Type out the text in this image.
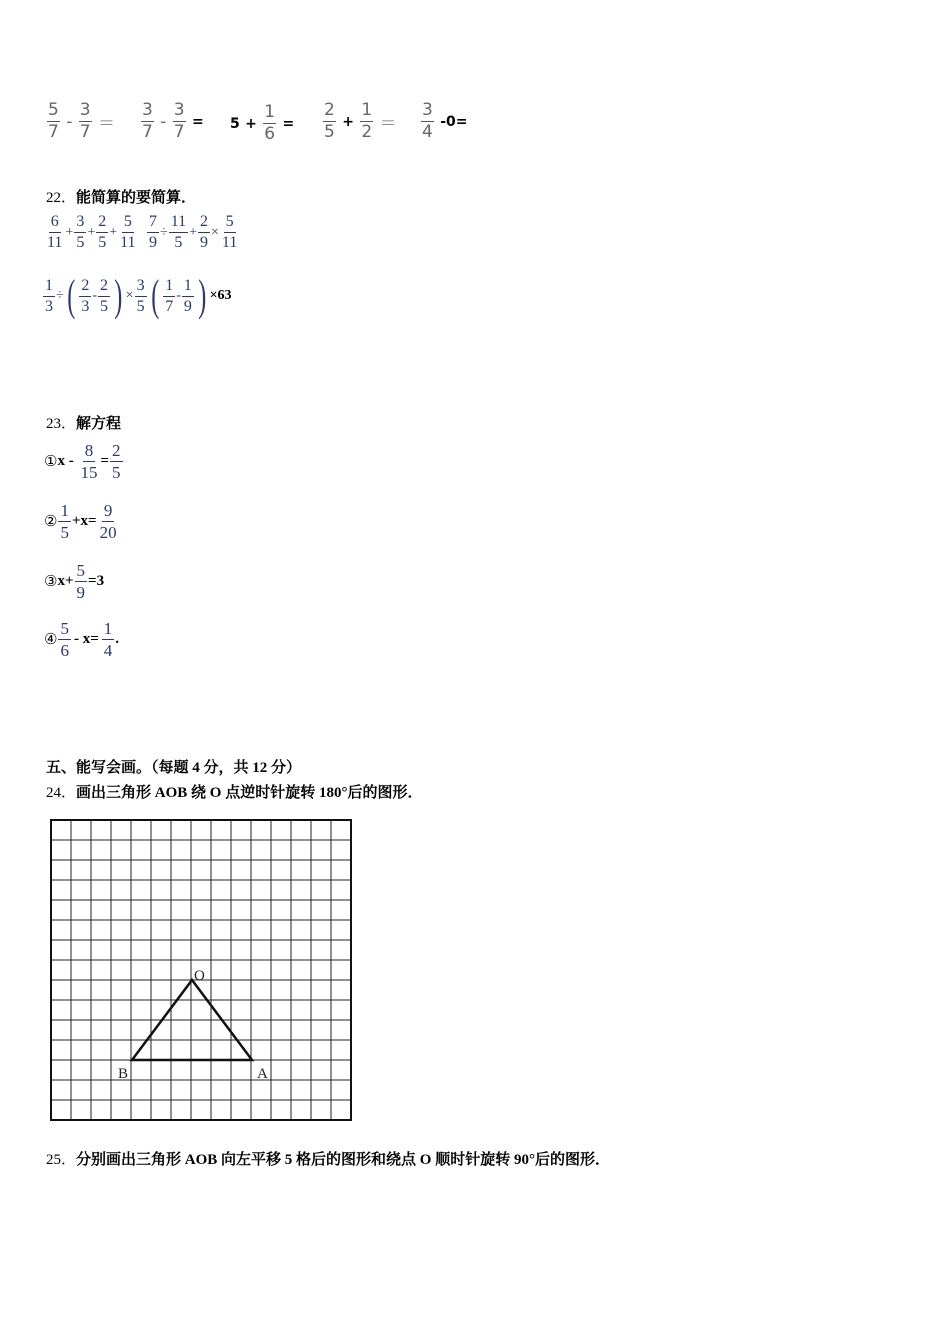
$\frac{5}{7} - \frac{3}{7} = \frac{3}{7} - \frac{3}{7} = 5 + \frac{1}{6} = \frac{2}{5} + \frac{1}{2} = \frac{3}{4} -0=$
22．能简算的要简算．
$\frac{6}{11} + \frac{3}{5} + \frac{2}{5} + \frac{5}{11} \frac{7}{9} \div \frac{11}{5} + \frac{2}{9} \times \frac{5}{11}$
$\frac{1}{3}$ ÷( $\frac{2}{3} - \frac{2}{5}$ ) × $\frac{3}{5}$ ( $\frac{1}{7} - \frac{1}{9}$ ) ×63
23．解方程
①x - $\frac{8}{15} = \frac{2}{5}$
② $\frac{1}{5} +x= \frac{9}{20}$
③x+ $\frac{5}{9} =3$
④ $\frac{5}{6} - x= \frac{1}{4}$ .
五、能写会画。（每题 4 分，共 12 分）
24．画出三角形 AOB 绕 O 点逆时针旋转 180°后的图形．
O
A
B
25．分别画出三角形 AOB 向左平移 5 格后的图形和绕点 O 顺时针旋转 90°后的图形．
